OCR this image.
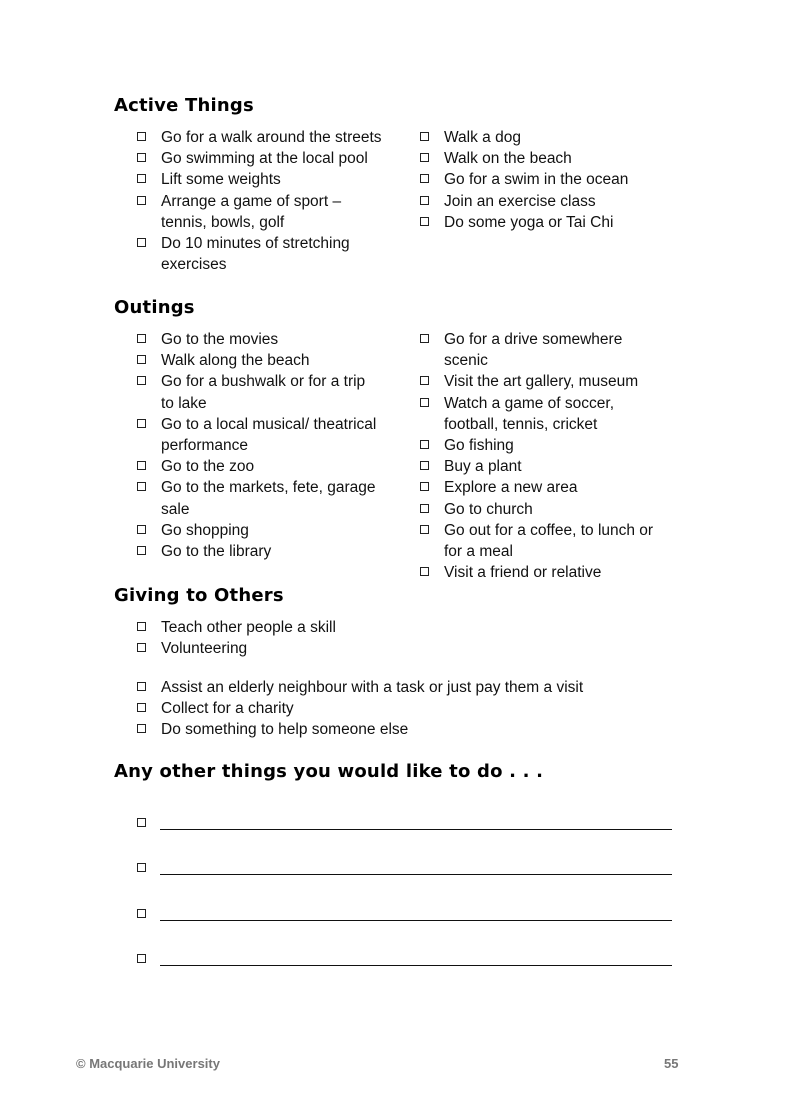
Active Things
Go for a walk around the streets
Go swimming at the local pool
Lift some weights
Arrange a game of sport –
tennis, bowls, golf
Do 10 minutes of stretching
exercises
Walk a dog
Walk on the beach
Go for a swim in the ocean
Join an exercise class
Do some yoga or Tai Chi
Outings
Go to the movies
Walk along the beach
Go for a bushwalk or for a trip
to lake
Go to a local musical/ theatrical
performance
Go to the zoo
Go to the markets, fete, garage
sale
Go shopping
Go to the library
Go for a drive somewhere
scenic
Visit the art gallery, museum
Watch a game of soccer,
football, tennis, cricket
Go fishing
Buy a plant
Explore a new area
Go to church
Go out for a coffee, to lunch or
for a meal
Visit a friend or relative
Giving to Others
Teach other people a skill
Volunteering
Assist an elderly neighbour with a task or just pay them a visit
Collect for a charity
Do something to help someone else
Any other things you would like to do . . .
© Macquarie University	55
